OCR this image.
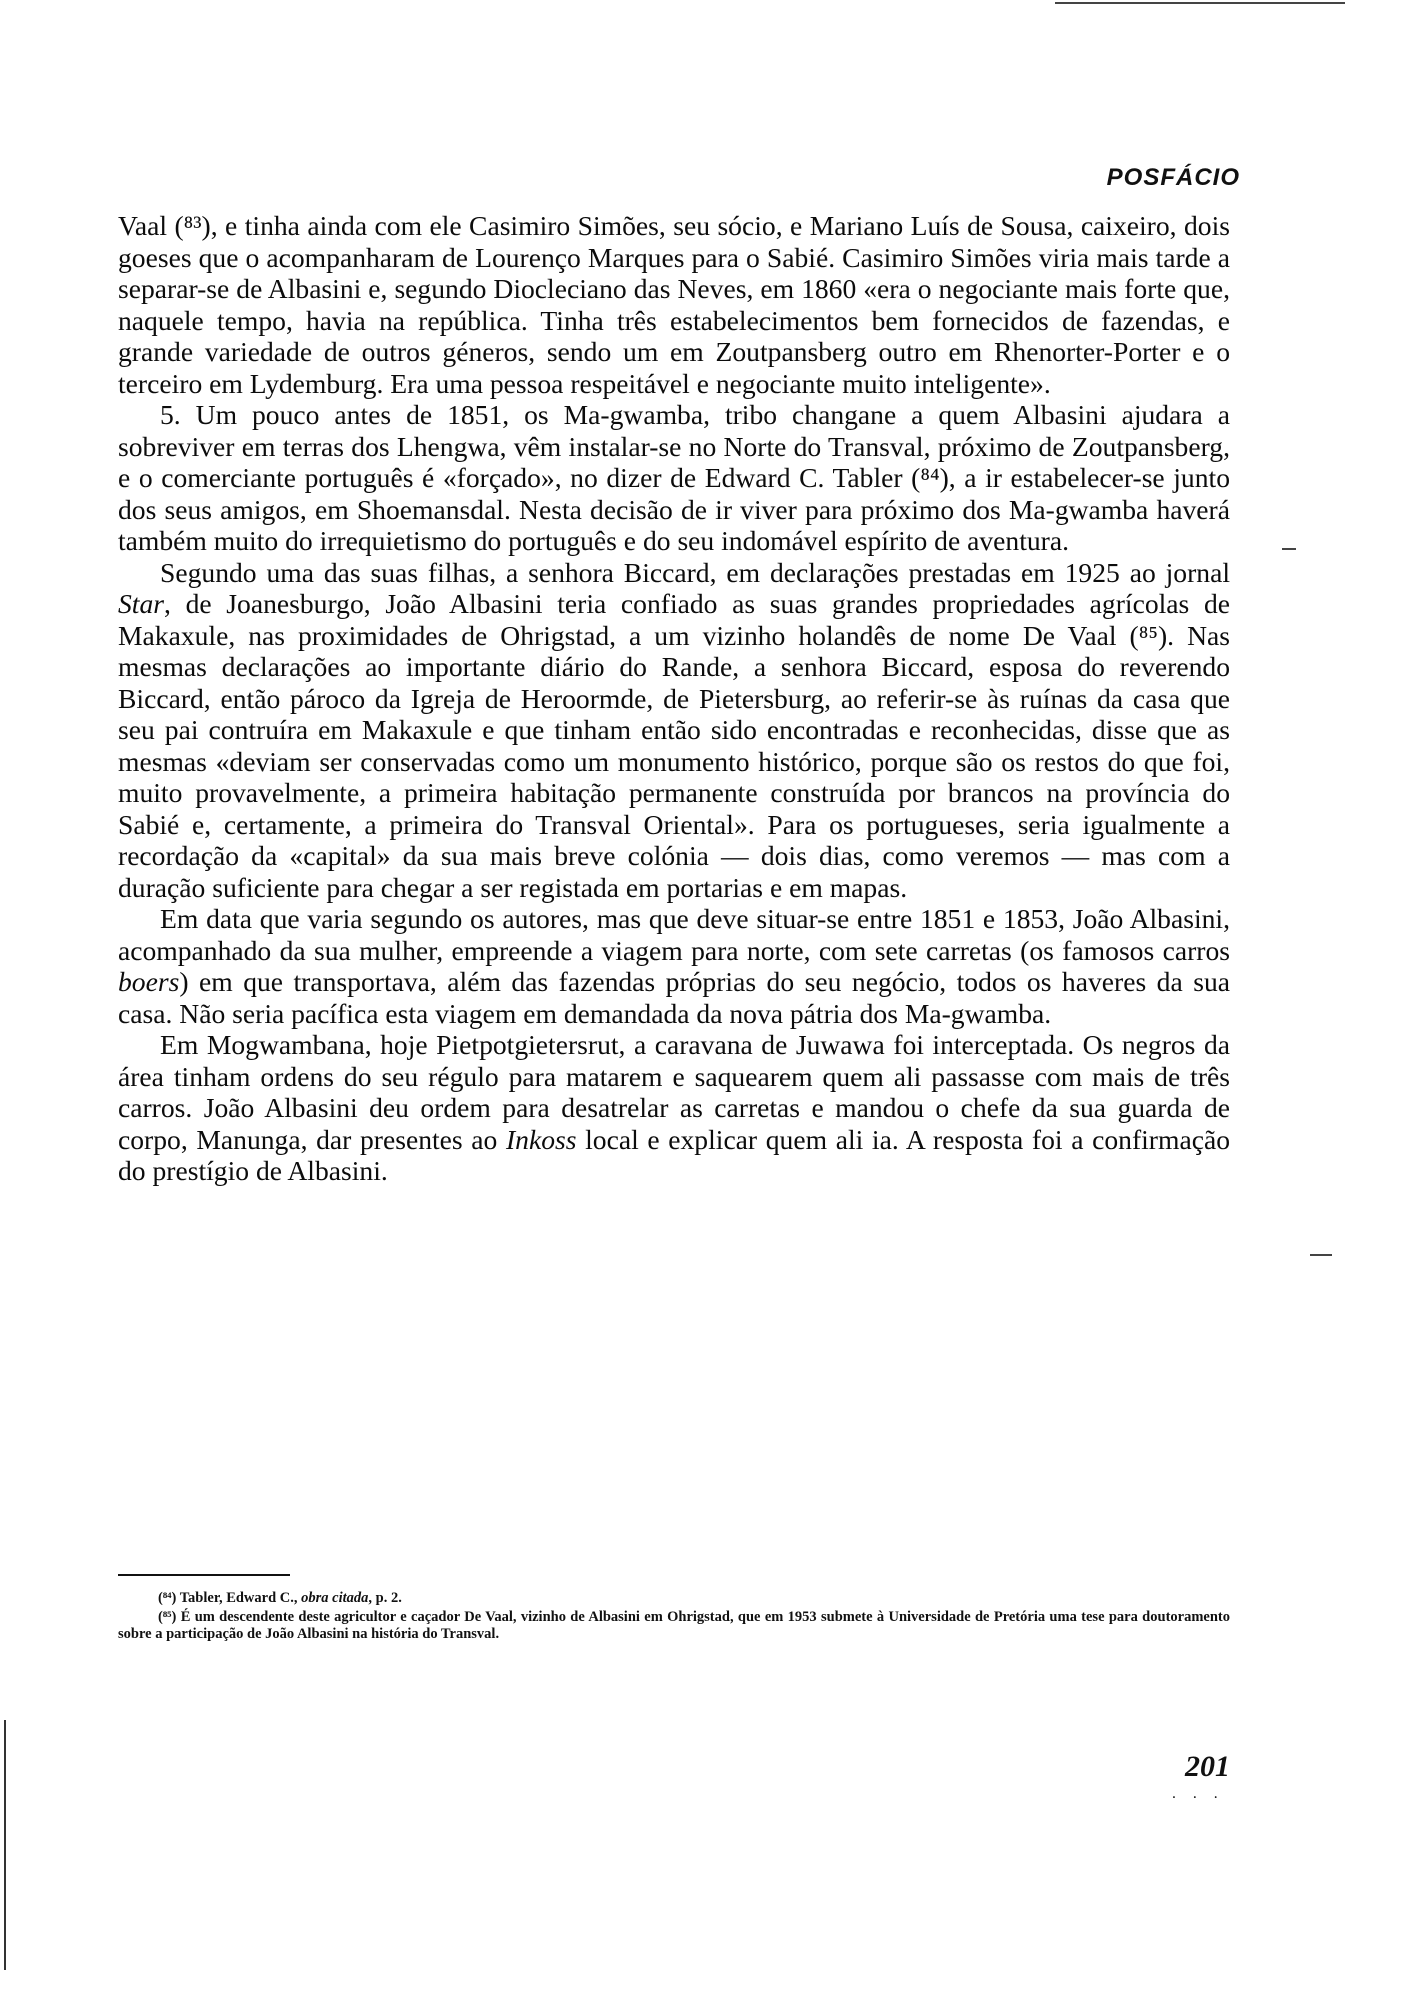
POSFÁCIO

Vaal (⁸³), e tinha ainda com ele Casimiro Simões, seu sócio, e Mariano Luís de Sousa, caixeiro, dois goeses que o acompanharam de Lourenço Marques para o Sabié. Casimiro Simões viria mais tarde a separar-se de Albasini e, segundo Diocleciano das Neves, em 1860 «era o negociante mais forte que, naquele tempo, havia na república. Tinha três estabelecimentos bem fornecidos de fazendas, e grande variedade de outros géneros, sendo um em Zoutpansberg outro em Rhenorter-Porter e o terceiro em Lydemburg. Era uma pessoa respeitável e negociante muito inteligente».

5. Um pouco antes de 1851, os Ma-gwamba, tribo changane a quem Albasini ajudara a sobreviver em terras dos Lhengwa, vêm instalar-se no Norte do Transval, próximo de Zoutpansberg, e o comerciante português é «forçado», no dizer de Edward C. Tabler (⁸⁴), a ir estabelecer-se junto dos seus amigos, em Shoemansdal. Nesta decisão de ir viver para próximo dos Ma-gwamba haverá também muito do irrequietismo do português e do seu indomável espírito de aventura.

Segundo uma das suas filhas, a senhora Biccard, em declarações prestadas em 1925 ao jornal Star, de Joanesburgo, João Albasini teria confiado as suas grandes propriedades agrícolas de Makaxule, nas proximidades de Ohrigstad, a um vizinho holandês de nome De Vaal (⁸⁵). Nas mesmas declarações ao importante diário do Rande, a senhora Biccard, esposa do reverendo Biccard, então pároco da Igreja de Heroormde, de Pietersburg, ao referir-se às ruínas da casa que seu pai contruíra em Makaxule e que tinham então sido encontradas e reconhecidas, disse que as mesmas «deviam ser conservadas como um monumento histórico, porque são os restos do que foi, muito provavelmente, a primeira habitação permanente construída por brancos na província do Sabié e, certamente, a primeira do Transval Oriental». Para os portugueses, seria igualmente a recordação da «capital» da sua mais breve colónia — dois dias, como veremos — mas com a duração suficiente para chegar a ser registada em portarias e em mapas.

Em data que varia segundo os autores, mas que deve situar-se entre 1851 e 1853, João Albasini, acompanhado da sua mulher, empreende a viagem para norte, com sete carretas (os famosos carros boers) em que transportava, além das fazendas próprias do seu negócio, todos os haveres da sua casa. Não seria pacífica esta viagem em demandada da nova pátria dos Ma-gwamba.

Em Mogwambana, hoje Pietpotgietersrut, a caravana de Juwawa foi interceptada. Os negros da área tinham ordens do seu régulo para matarem e saquearem quem ali passasse com mais de três carros. João Albasini deu ordem para desatrelar as carretas e mandou o chefe da sua guarda de corpo, Manunga, dar presentes ao Inkoss local e explicar quem ali ia. A resposta foi a confirmação do prestígio de Albasini.

(⁸⁴) Tabler, Edward C., obra citada, p. 2.

(⁸⁵) É um descendente deste agricultor e caçador De Vaal, vizinho de Albasini em Ohrigstad, que em 1953 submete à Universidade de Pretória uma tese para doutoramento sobre a participação de João Albasini na história do Transval.

201
· · ·
